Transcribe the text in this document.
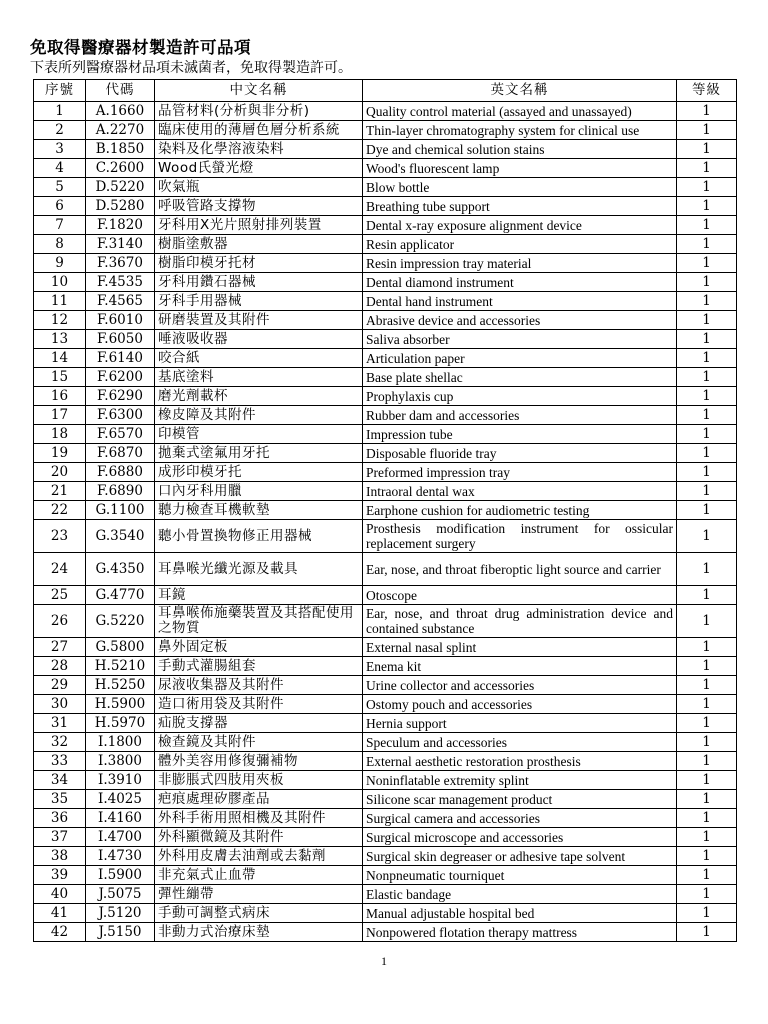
免取得醫療器材製造許可品項
下表所列醫療器材品項未滅菌者，免取得製造許可。
序號	代碼	中文名稱	英文名稱	等級
1	A.1660	品管材料(分析與非分析)	Quality control material (assayed and unassayed)	1
2	A.2270	臨床使用的薄層色層分析系統	Thin-layer chromatography system for clinical use	1
3	B.1850	染料及化學溶液染料	Dye and chemical solution stains	1
4	C.2600	Wood氏螢光燈	Wood's fluorescent lamp	1
5	D.5220	吹氣瓶	Blow bottle	1
6	D.5280	呼吸管路支撐物	Breathing tube support	1
7	F.1820	牙科用X光片照射排列裝置	Dental x-ray exposure alignment device	1
8	F.3140	樹脂塗敷器	Resin applicator	1
9	F.3670	樹脂印模牙托材	Resin impression tray material	1
10	F.4535	牙科用鑽石器械	Dental diamond instrument	1
11	F.4565	牙科手用器械	Dental hand instrument	1
12	F.6010	研磨裝置及其附件	Abrasive device and accessories	1
13	F.6050	唾液吸收器	Saliva absorber	1
14	F.6140	咬合紙	Articulation paper	1
15	F.6200	基底塗料	Base plate shellac	1
16	F.6290	磨光劑載杯	Prophylaxis cup	1
17	F.6300	橡皮障及其附件	Rubber dam and accessories	1
18	F.6570	印模管	Impression tube	1
19	F.6870	拋棄式塗氟用牙托	Disposable fluoride tray	1
20	F.6880	成形印模牙托	Preformed impression tray	1
21	F.6890	口內牙科用臘	Intraoral dental wax	1
22	G.1100	聽力檢查耳機軟墊	Earphone cushion for audiometric testing	1
23	G.3540	聽小骨置換物修正用器械	Prosthesis modification instrument for ossicular replacement surgery	1
24	G.4350	耳鼻喉光纖光源及載具	Ear, nose, and throat fiberoptic light source and carrier	1
25	G.4770	耳鏡	Otoscope	1
26	G.5220	耳鼻喉佈施藥裝置及其搭配使用之物質	Ear, nose, and throat drug administration device and contained substance	1
27	G.5800	鼻外固定板	External nasal splint	1
28	H.5210	手動式灌腸組套	Enema kit	1
29	H.5250	尿液收集器及其附件	Urine collector and accessories	1
30	H.5900	造口術用袋及其附件	Ostomy pouch and accessories	1
31	H.5970	疝脫支撐器	Hernia support	1
32	I.1800	檢查鏡及其附件	Speculum and accessories	1
33	I.3800	體外美容用修復彌補物	External aesthetic restoration prosthesis	1
34	I.3910	非膨脹式四肢用夾板	Noninflatable extremity splint	1
35	I.4025	疤痕處理矽膠產品	Silicone scar management product	1
36	I.4160	外科手術用照相機及其附件	Surgical camera and accessories	1
37	I.4700	外科顯微鏡及其附件	Surgical microscope and accessories	1
38	I.4730	外科用皮膚去油劑或去黏劑	Surgical skin degreaser or adhesive tape solvent	1
39	I.5900	非充氣式止血帶	Nonpneumatic tourniquet	1
40	J.5075	彈性繃帶	Elastic bandage	1
41	J.5120	手動可調整式病床	Manual adjustable hospital bed	1
42	J.5150	非動力式治療床墊	Nonpowered flotation therapy mattress	1
1
